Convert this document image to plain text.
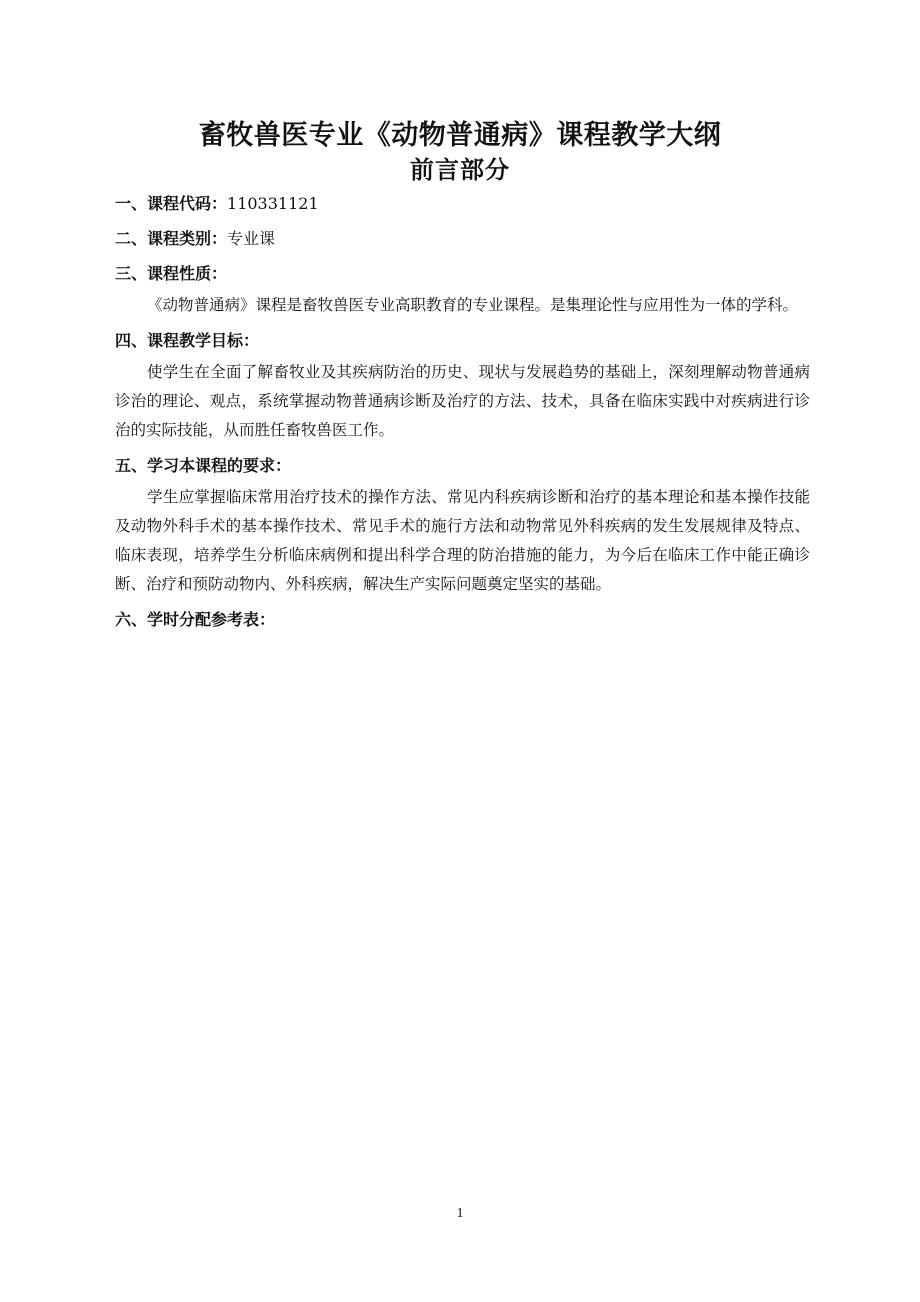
畜牧兽医专业《动物普通病》课程教学大纲
前言部分
一、课程代码：110331121
二、课程类别：专业课
三、课程性质：

《动物普通病》课程是畜牧兽医专业高职教育的专业课程。是集理论性与应用性为一体的学科。

四、课程教学目标：

使学生在全面了解畜牧业及其疾病防治的历史、现状与发展趋势的基础上，深刻理解动物普通病诊治的理论、观点，系统掌握动物普通病诊断及治疗的方法、技术，具备在临床实践中对疾病进行诊治的实际技能，从而胜任畜牧兽医工作。

五、学习本课程的要求：

学生应掌握临床常用治疗技术的操作方法、常见内科疾病诊断和治疗的基本理论和基本操作技能及动物外科手术的基本操作技术、常见手术的施行方法和动物常见外科疾病的发生发展规律及特点、临床表现，培养学生分析临床病例和提出科学合理的防治措施的能力，为今后在临床工作中能正确诊断、治疗和预防动物内、外科疾病，解决生产实际问题奠定坚实的基础。

六、学时分配参考表：
1
